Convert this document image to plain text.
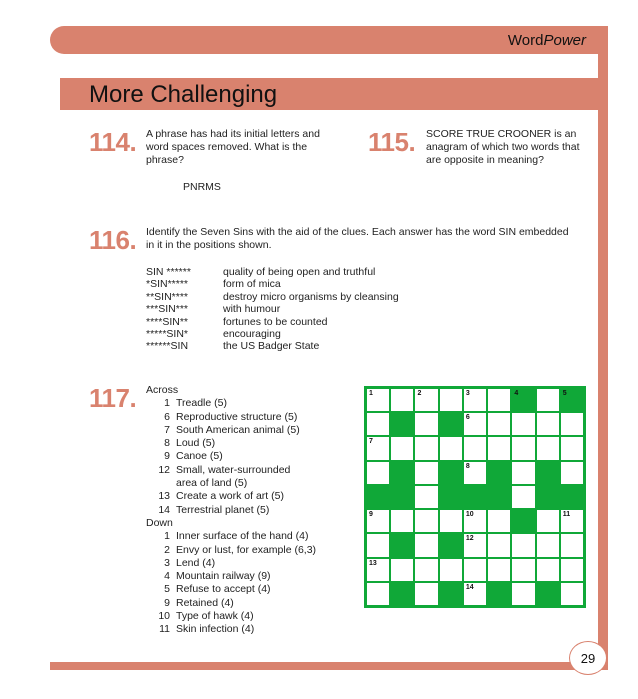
WordPower
More Challenging
114. A phrase has had its initial letters and
word spaces removed. What is the
phrase?
PNRMS
115. SCORE TRUE CROONER is an
anagram of which two words that
are opposite in meaning?
116. Identify the Seven Sins with the aid of the clues. Each answer has the word SIN embedded
in it in the positions shown.
SIN ******	quality of being open and truthful
*SIN*****	form of mica
**SIN****	destroy micro organisms by cleansing
***SIN***	with humour
****SIN**	fortunes to be counted
*****SIN*	encouraging
******SIN	the US Badger State
117. Across
1 Treadle (5)
6 Reproductive structure (5)
7 South American animal (5)
8 Loud (5)
9 Canoe (5)
12 Small, water-surrounded
area of land (5)
13 Create a work of art (5)
14 Terrestrial planet (5)
Down
1 Inner surface of the hand (4)
2 Envy or lust, for example (6,3)
3 Lend (4)
4 Mountain railway (9)
5 Refuse to accept (4)
9 Retained (4)
10 Type of hawk (4)
11 Skin infection (4)
1	2	3	4	5
6
7
8
9	10	11
12
13
14
29
